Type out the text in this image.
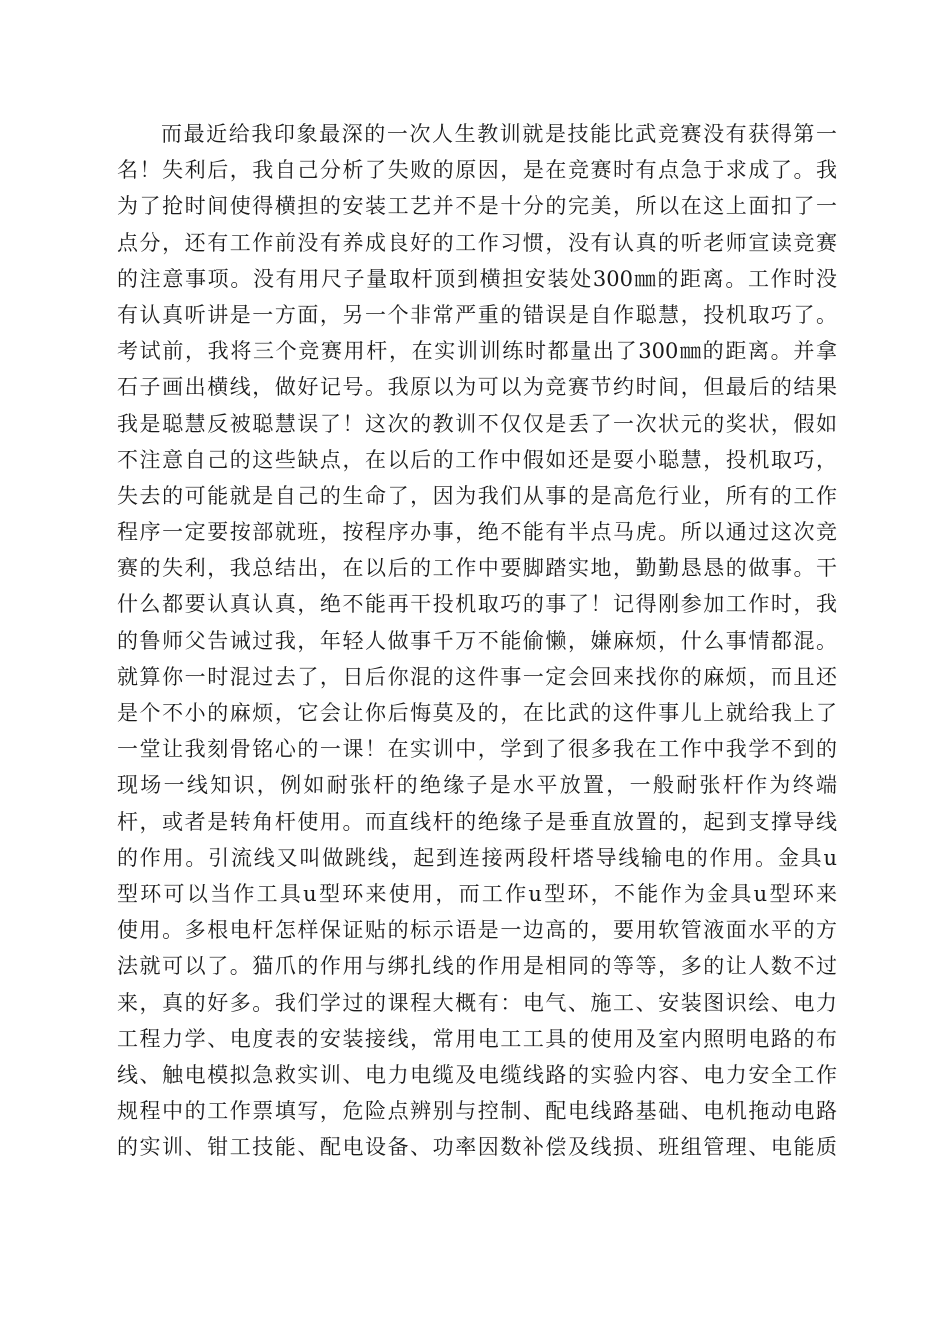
而最近给我印象最深的一次人生教训就是技能比武竞赛没有获得第一
名！失利后，我自己分析了失败的原因，是在竞赛时有点急于求成了。我
为了抢时间使得横担的安装工艺并不是十分的完美，所以在这上面扣了一
点分，还有工作前没有养成良好的工作习惯，没有认真的听老师宣读竞赛
的注意事项。没有用尺子量取杆顶到横担安装处300㎜的距离。工作时没
有认真听讲是一方面，另一个非常严重的错误是自作聪慧，投机取巧了。
考试前，我将三个竞赛用杆，在实训训练时都量出了300㎜的距离。并拿
石子画出横线，做好记号。我原以为可以为竞赛节约时间，但最后的结果
我是聪慧反被聪慧误了！这次的教训不仅仅是丢了一次状元的奖状，假如
不注意自己的这些缺点，在以后的工作中假如还是耍小聪慧，投机取巧，
失去的可能就是自己的生命了，因为我们从事的是高危行业，所有的工作
程序一定要按部就班，按程序办事，绝不能有半点马虎。所以通过这次竞
赛的失利，我总结出，在以后的工作中要脚踏实地，勤勤恳恳的做事。干
什么都要认真认真，绝不能再干投机取巧的事了！记得刚参加工作时，我
的鲁师父告诫过我，年轻人做事千万不能偷懒，嫌麻烦，什么事情都混。
就算你一时混过去了，日后你混的这件事一定会回来找你的麻烦，而且还
是个不小的麻烦，它会让你后悔莫及的，在比武的这件事儿上就给我上了
一堂让我刻骨铭心的一课！在实训中，学到了很多我在工作中我学不到的
现场一线知识，例如耐张杆的绝缘子是水平放置，一般耐张杆作为终端
杆，或者是转角杆使用。而直线杆的绝缘子是垂直放置的，起到支撑导线
的作用。引流线又叫做跳线，起到连接两段杆塔导线输电的作用。金具u
型环可以当作工具u型环来使用，而工作u型环，不能作为金具u型环来
使用。多根电杆怎样保证贴的标示语是一边高的，要用软管液面水平的方
法就可以了。猫爪的作用与绑扎线的作用是相同的等等，多的让人数不过
来，真的好多。我们学过的课程大概有：电气、施工、安装图识绘、电力
工程力学、电度表的安装接线，常用电工工具的使用及室内照明电路的布
线、触电模拟急救实训、电力电缆及电缆线路的实验内容、电力安全工作
规程中的工作票填写，危险点辨别与控制、配电线路基础、电机拖动电路
的实训、钳工技能、配电设备、功率因数补偿及线损、班组管理、电能质
